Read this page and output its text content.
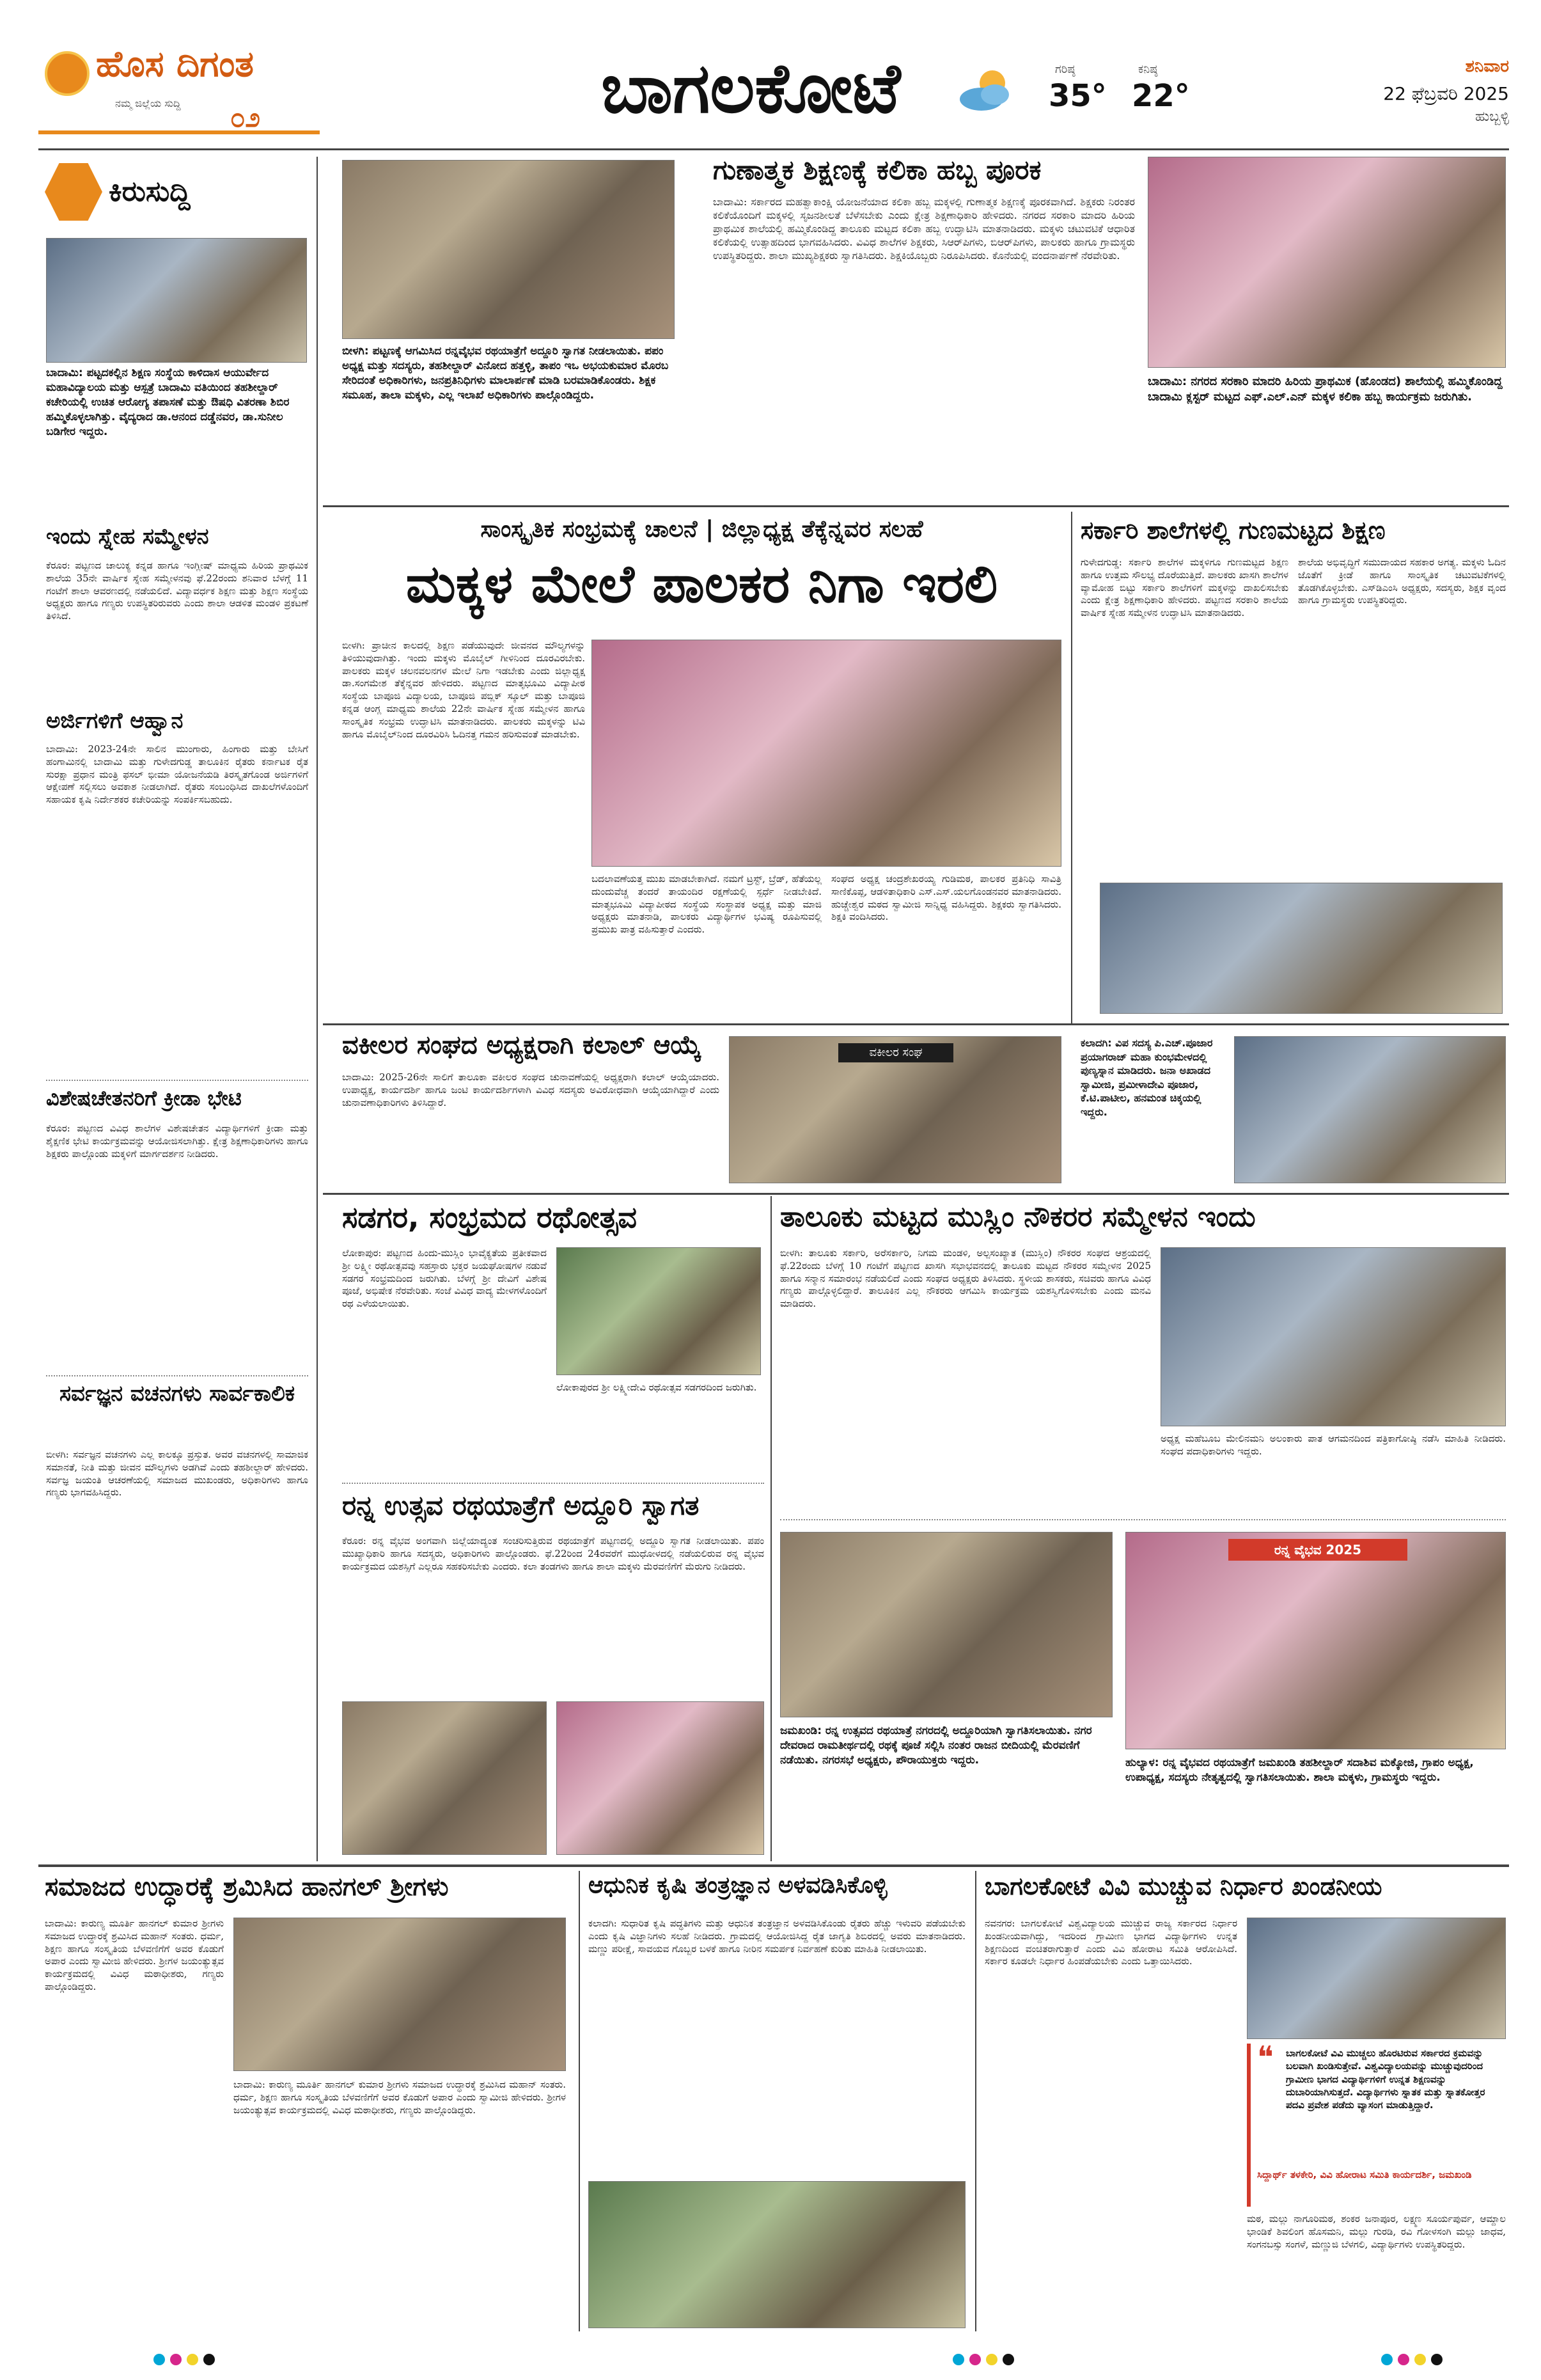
ಹೊಸ ದಿಗಂತ
ನಮ್ಮ ಜಿಲ್ಲೆಯ ಸುದ್ದಿ	೦೨	ಬಾಗಲಕೋಟೆ	ಗರಿಷ್ಠ
35°
ಕನಿಷ್ಠ
22°
ಶನಿವಾರ
22 ಫೆಬ್ರವರಿ 2025
ಹುಬ್ಬಳ್ಳಿ
ಕಿರುಸುದ್ದಿ
ಬಾದಾಮಿ: ಪಟ್ಟದಕಲ್ಲಿನ ಶಿಕ್ಷಣ ಸಂಸ್ಥೆಯ ಕಾಳಿದಾಸ ಆಯುರ್ವೇದ ಮಹಾವಿದ್ಯಾಲಯ ಮತ್ತು ಆಸ್ಪತ್ರೆ ಬಾದಾಮಿ ವತಿಯಿಂದ ತಹಶೀಲ್ದಾರ್ ಕಚೇರಿಯಲ್ಲಿ ಉಚಿತ ಆರೋಗ್ಯ ತಪಾಸಣೆ ಮತ್ತು ಔಷಧಿ ವಿತರಣಾ ಶಿಬಿರ ಹಮ್ಮಿಕೊಳ್ಳಲಾಗಿತ್ತು. ವೈದ್ಯರಾದ ಡಾ.ಆನಂದ ದಡ್ಡೆನವರ, ಡಾ.ಸುನೀಲ ಬಡಿಗೇರ ಇದ್ದರು.
ಇಂದು ಸ್ನೇಹ ಸಮ್ಮೇಳನ
ಕೆರೂರ: ಪಟ್ಟಣದ ಚಾಲುಕ್ಯ ಕನ್ನಡ ಹಾಗೂ ಇಂಗ್ಲೀಷ್ ಮಾಧ್ಯಮ ಹಿರಿಯ ಪ್ರಾಥಮಿಕ ಶಾಲೆಯ 35ನೇ ವಾರ್ಷಿಕ ಸ್ನೇಹ ಸಮ್ಮೇಳನವು ಫೆ.22ರಂದು ಶನಿವಾರ ಬೆಳಗ್ಗೆ 11 ಗಂಟೆಗೆ ಶಾಲಾ ಆವರಣದಲ್ಲಿ ನಡೆಯಲಿದೆ. ವಿದ್ಯಾವರ್ಧಕ ಶಿಕ್ಷಣ ಮತ್ತು ಶಿಕ್ಷಣ ಸಂಸ್ಥೆಯ ಅಧ್ಯಕ್ಷರು ಹಾಗೂ ಗಣ್ಯರು ಉಪಸ್ಥಿತರಿರುವರು ಎಂದು ಶಾಲಾ ಆಡಳಿತ ಮಂಡಳಿ ಪ್ರಕಟಣೆ ತಿಳಿಸಿದೆ.
ಅರ್ಜಿಗಳಿಗೆ ಆಹ್ವಾನ
ಬಾದಾಮಿ: 2023-24ನೇ ಸಾಲಿನ ಮುಂಗಾರು, ಹಿಂಗಾರು ಮತ್ತು ಬೇಸಿಗೆ ಹಂಗಾಮಿನಲ್ಲಿ ಬಾದಾಮಿ ಮತ್ತು ಗುಳೇದಗುಡ್ಡ ತಾಲೂಕಿನ ರೈತರು ಕರ್ನಾಟಕ ರೈತ ಸುರಕ್ಷಾ ಪ್ರಧಾನ ಮಂತ್ರಿ ಫಸಲ್ ಭೀಮಾ ಯೋಜನೆಯಡಿ ತಿರಸ್ಕೃತಗೊಂಡ ಅರ್ಜಿಗಳಿಗೆ ಆಕ್ಷೇಪಣೆ ಸಲ್ಲಿಸಲು ಅವಕಾಶ ನೀಡಲಾಗಿದೆ. ರೈತರು ಸಂಬಂಧಿಸಿದ ದಾಖಲೆಗಳೊಂದಿಗೆ ಸಹಾಯಕ ಕೃಷಿ ನಿರ್ದೇಶಕರ ಕಚೇರಿಯನ್ನು ಸಂಪರ್ಕಿಸಬಹುದು.
ವಿಶೇಷಚೇತನರಿಗೆ ಕ್ರೀಡಾ ಭೇಟಿ
ಕೆರೂರ: ಪಟ್ಟಣದ ವಿವಿಧ ಶಾಲೆಗಳ ವಿಶೇಷಚೇತನ ವಿದ್ಯಾರ್ಥಿಗಳಿಗೆ ಕ್ರೀಡಾ ಮತ್ತು ಶೈಕ್ಷಣಿಕ ಭೇಟಿ ಕಾರ್ಯಕ್ರಮವನ್ನು ಆಯೋಜಿಸಲಾಗಿತ್ತು. ಕ್ಷೇತ್ರ ಶಿಕ್ಷಣಾಧಿಕಾರಿಗಳು ಹಾಗೂ ಶಿಕ್ಷಕರು ಪಾಲ್ಗೊಂಡು ಮಕ್ಕಳಿಗೆ ಮಾರ್ಗದರ್ಶನ ನೀಡಿದರು.
ಸರ್ವಜ್ಞನ ವಚನಗಳು ಸಾರ್ವಕಾಲಿಕ
ಬೀಳಗಿ: ಸರ್ವಜ್ಞನ ವಚನಗಳು ಎಲ್ಲ ಕಾಲಕ್ಕೂ ಪ್ರಸ್ತುತ. ಅವರ ವಚನಗಳಲ್ಲಿ ಸಾಮಾಜಿಕ ಸಮಾನತೆ, ನೀತಿ ಮತ್ತು ಜೀವನ ಮೌಲ್ಯಗಳು ಅಡಗಿವೆ ಎಂದು ತಹಶೀಲ್ದಾರ್ ಹೇಳಿದರು. ಸರ್ವಜ್ಞ ಜಯಂತಿ ಆಚರಣೆಯಲ್ಲಿ ಸಮಾಜದ ಮುಖಂಡರು, ಅಧಿಕಾರಿಗಳು ಹಾಗೂ ಗಣ್ಯರು ಭಾಗವಹಿಸಿದ್ದರು.
ಬೀಳಗಿ: ಪಟ್ಟಣಕ್ಕೆ ಆಗಮಿಸಿದ ರನ್ನವೈಭವ ರಥಯಾತ್ರೆಗೆ ಅದ್ದೂರಿ ಸ್ವಾಗತ ನೀಡಲಾಯಿತು. ಪಪಂ ಅಧ್ಯಕ್ಷ ಮತ್ತು ಸದಸ್ಯರು, ತಹಶೀಲ್ದಾರ್ ವಿನೋದ ಹತ್ತಳ್ಳಿ, ತಾಪಂ ಇಒ ಅಭಯಕುಮಾರ ಮೊರಬ ಸೇರಿದಂತೆ ಅಧಿಕಾರಿಗಳು, ಜನಪ್ರತಿನಿಧಿಗಳು ಮಾಲಾರ್ಪಣೆ ಮಾಡಿ ಬರಮಾಡಿಕೊಂಡರು. ಶಿಕ್ಷಕ ಸಮೂಹ, ತಾಲಾ ಮಕ್ಕಳು, ಎಲ್ಲ ಇಲಾಖೆ ಅಧಿಕಾರಿಗಳು ಪಾಲ್ಗೊಂಡಿದ್ದರು.
ಗುಣಾತ್ಮಕ ಶಿಕ್ಷಣಕ್ಕೆ ಕಲಿಕಾ ಹಬ್ಬ ಪೂರಕ
ಬಾದಾಮಿ: ಸರ್ಕಾರದ ಮಹತ್ವಾಕಾಂಕ್ಷಿ ಯೋಜನೆಯಾದ ಕಲಿಕಾ ಹಬ್ಬ ಮಕ್ಕಳಲ್ಲಿ ಗುಣಾತ್ಮಕ ಶಿಕ್ಷಣಕ್ಕೆ ಪೂರಕವಾಗಿದೆ. ಶಿಕ್ಷಕರು ನಿರಂತರ ಕಲಿಕೆಯೊಂದಿಗೆ ಮಕ್ಕಳಲ್ಲಿ ಸೃಜನಶೀಲತೆ ಬೆಳೆಸಬೇಕು ಎಂದು ಕ್ಷೇತ್ರ ಶಿಕ್ಷಣಾಧಿಕಾರಿ ಹೇಳಿದರು. ನಗರದ ಸರಕಾರಿ ಮಾದರಿ ಹಿರಿಯ ಪ್ರಾಥಮಿಕ ಶಾಲೆಯಲ್ಲಿ ಹಮ್ಮಿಕೊಂಡಿದ್ದ ತಾಲೂಕು ಮಟ್ಟದ ಕಲಿಕಾ ಹಬ್ಬ ಉದ್ಘಾಟಿಸಿ ಮಾತನಾಡಿದರು. ಮಕ್ಕಳು ಚಟುವಟಿಕೆ ಆಧಾರಿತ ಕಲಿಕೆಯಲ್ಲಿ ಉತ್ಸಾಹದಿಂದ ಭಾಗವಹಿಸಿದರು. ವಿವಿಧ ಶಾಲೆಗಳ ಶಿಕ್ಷಕರು, ಸಿಆರ್‌ಪಿಗಳು, ಬಿಆರ್‌ಪಿಗಳು, ಪಾಲಕರು ಹಾಗೂ ಗ್ರಾಮಸ್ಥರು ಉಪಸ್ಥಿತರಿದ್ದರು. ಶಾಲಾ ಮುಖ್ಯಶಿಕ್ಷಕರು ಸ್ವಾಗತಿಸಿದರು. ಶಿಕ್ಷಕಿಯೊಬ್ಬರು ನಿರೂಪಿಸಿದರು. ಕೊನೆಯಲ್ಲಿ ವಂದನಾರ್ಪಣೆ ನೆರವೇರಿತು.
ಬಾದಾಮಿ: ನಗರದ ಸರಕಾರಿ ಮಾದರಿ ಹಿರಿಯ ಪ್ರಾಥಮಿಕ (ಹೊಂಡದ) ಶಾಲೆಯಲ್ಲಿ ಹಮ್ಮಿಕೊಂಡಿದ್ದ ಬಾದಾಮಿ ಕ್ಲಸ್ಟರ್ ಮಟ್ಟದ ಎಫ್.ಎಲ್.ಎನ್ ಮಕ್ಕಳ ಕಲಿಕಾ ಹಬ್ಬ ಕಾರ್ಯಕ್ರಮ ಜರುಗಿತು.
ಸಾಂಸ್ಕೃತಿಕ ಸಂಭ್ರಮಕ್ಕೆ ಚಾಲನೆ | ಜಿಲ್ಲಾಧ್ಯಕ್ಷ ತೆಕ್ಕೆನ್ನವರ ಸಲಹೆ
ಮಕ್ಕಳ ಮೇಲೆ ಪಾಲಕರ ನಿಗಾ ಇರಲಿ
ಬೀಳಗಿ: ಪ್ರಾಚೀನ ಕಾಲದಲ್ಲಿ ಶಿಕ್ಷಣ ಪಡೆಯುವುದೇ ಜೀವನದ ಮೌಲ್ಯಗಳನ್ನು ತಿಳಿಯುವುದಾಗಿತ್ತು. ಇಂದು ಮಕ್ಕಳು ಮೊಬೈಲ್ ಗೀಳಿನಿಂದ ದೂರವಿರಬೇಕು. ಪಾಲಕರು ಮಕ್ಕಳ ಚಲನವಲನಗಳ ಮೇಲೆ ನಿಗಾ ಇಡಬೇಕು ಎಂದು ಜಿಲ್ಲಾಧ್ಯಕ್ಷ ಡಾ.ಸಂಗಮೇಶ ತೆಕ್ಕೆನ್ನವರ ಹೇಳಿದರು. ಪಟ್ಟಣದ ಮಾತೃಭೂಮಿ ವಿದ್ಯಾಪೀಠ ಸಂಸ್ಥೆಯ ಬಾಪೂಜಿ ವಿದ್ಯಾಲಯ, ಬಾಪೂಜಿ ಪಬ್ಲಿಕ್ ಸ್ಕೂಲ್ ಮತ್ತು ಬಾಪೂಜಿ ಕನ್ನಡ ಆಂಗ್ಲ ಮಾಧ್ಯಮ ಶಾಲೆಯ 22ನೇ ವಾರ್ಷಿಕ ಸ್ನೇಹ ಸಮ್ಮೇಳನ ಹಾಗೂ ಸಾಂಸ್ಕೃತಿಕ ಸಂಭ್ರಮ ಉದ್ಘಾಟಿಸಿ ಮಾತನಾಡಿದರು. ಪಾಲಕರು ಮಕ್ಕಳನ್ನು ಟಿವಿ ಹಾಗೂ ಮೊಬೈಲ್‌ನಿಂದ ದೂರವಿರಿಸಿ ಓದಿನತ್ತ ಗಮನ ಹರಿಸುವಂತೆ ಮಾಡಬೇಕು.
ಬದಲಾವಣೆಯತ್ತ ಮುಖ ಮಾಡಬೇಕಾಗಿದೆ. ನಮಗೆ ಟ್ರಸ್ಟ್, ಬ್ರೆಡ್, ಹೆತೆಯಲ್ಲ ದುಂದುವೆಚ್ಚ ತಂದರೆ ತಾಯಂದಿರ ರಕ್ಷಣೆಯಲ್ಲಿ ಸ್ಪರ್ಧೆ ನೀಡಬೇಕಿದೆ. ಮಾತೃಭೂಮಿ ವಿದ್ಯಾಪೀಠದ ಸಂಸ್ಥೆಯ ಸಂಸ್ಥಾಪಕ ಅಧ್ಯಕ್ಷ ಮತ್ತು ಮಾಜಿ ಅಧ್ಯಕ್ಷರು ಮಾತನಾಡಿ, ಪಾಲಕರು ವಿದ್ಯಾರ್ಥಿಗಳ ಭವಿಷ್ಯ ರೂಪಿಸುವಲ್ಲಿ ಪ್ರಮುಖ ಪಾತ್ರ ವಹಿಸುತ್ತಾರೆ ಎಂದರು.
ಸಂಘದ ಅಧ್ಯಕ್ಷ ಚಂದ್ರಶೇಖರಯ್ಯ ಗುಡಿಮಠ, ಪಾಲಕರ ಪ್ರತಿನಿಧಿ ಸಾವಿತ್ರಿ ಸಾಣಿಕೊಪ್ಪ, ಆಡಳಿತಾಧಿಕಾರಿ ಎಸ್.ಎಸ್.ಯಲಗೊಂಡನವರ ಮಾತನಾಡಿದರು. ಹುಚ್ಚೇಶ್ವರ ಮಠದ ಸ್ವಾಮೀಜಿ ಸಾನ್ನಿಧ್ಯ ವಹಿಸಿದ್ದರು. ಶಿಕ್ಷಕರು ಸ್ವಾಗತಿಸಿದರು. ಶಿಕ್ಷಕಿ ವಂದಿಸಿದರು.
ಸರ್ಕಾರಿ ಶಾಲೆಗಳಲ್ಲಿ ಗುಣಮಟ್ಟದ ಶಿಕ್ಷಣ
ಗುಳೇದಗುಡ್ಡ: ಸರ್ಕಾರಿ ಶಾಲೆಗಳ ಮಕ್ಕಳಿಗೂ ಗುಣಮಟ್ಟದ ಶಿಕ್ಷಣ ಹಾಗೂ ಉತ್ತಮ ಸೌಲಭ್ಯ ದೊರೆಯುತ್ತಿದೆ. ಪಾಲಕರು ಖಾಸಗಿ ಶಾಲೆಗಳ ವ್ಯಾಮೋಹ ಬಿಟ್ಟು ಸರ್ಕಾರಿ ಶಾಲೆಗಳಿಗೆ ಮಕ್ಕಳನ್ನು ದಾಖಲಿಸಬೇಕು ಎಂದು ಕ್ಷೇತ್ರ ಶಿಕ್ಷಣಾಧಿಕಾರಿ ಹೇಳಿದರು. ಪಟ್ಟಣದ ಸರಕಾರಿ ಶಾಲೆಯ ವಾರ್ಷಿಕ ಸ್ನೇಹ ಸಮ್ಮೇಳನ ಉದ್ಘಾಟಿಸಿ ಮಾತನಾಡಿದರು.
ಶಾಲೆಯ ಅಭಿವೃದ್ಧಿಗೆ ಸಮುದಾಯದ ಸಹಕಾರ ಅಗತ್ಯ. ಮಕ್ಕಳು ಓದಿನ ಜೊತೆಗೆ ಕ್ರೀಡೆ ಹಾಗೂ ಸಾಂಸ್ಕೃತಿಕ ಚಟುವಟಿಕೆಗಳಲ್ಲಿ ತೊಡಗಿಕೊಳ್ಳಬೇಕು. ಎಸ್‌ಡಿಎಂಸಿ ಅಧ್ಯಕ್ಷರು, ಸದಸ್ಯರು, ಶಿಕ್ಷಕ ವೃಂದ ಹಾಗೂ ಗ್ರಾಮಸ್ಥರು ಉಪಸ್ಥಿತರಿದ್ದರು.
ವಕೀಲರ ಸಂಘದ ಅಧ್ಯಕ್ಷರಾಗಿ ಕಲಾಲ್ ಆಯ್ಕೆ
ಬಾದಾಮಿ: 2025-26ನೇ ಸಾಲಿಗೆ ತಾಲೂಕಾ ವಕೀಲರ ಸಂಘದ ಚುನಾವಣೆಯಲ್ಲಿ ಅಧ್ಯಕ್ಷರಾಗಿ ಕಲಾಲ್ ಆಯ್ಕೆಯಾದರು. ಉಪಾಧ್ಯಕ್ಷ, ಕಾರ್ಯದರ್ಶಿ ಹಾಗೂ ಜಂಟಿ ಕಾರ್ಯದರ್ಶಿಗಳಾಗಿ ವಿವಿಧ ಸದಸ್ಯರು ಅವಿರೋಧವಾಗಿ ಆಯ್ಕೆಯಾಗಿದ್ದಾರೆ ಎಂದು ಚುನಾವಣಾಧಿಕಾರಿಗಳು ತಿಳಿಸಿದ್ದಾರೆ.
ವಕೀಲರ ಸಂಘ
ಕಲಾದಗಿ: ವಿಪ ಸದಸ್ಯ ಪಿ.ಎಚ್.ಪೂಜಾರ ಪ್ರಯಾಗರಾಜ್ ಮಹಾ ಕುಂಭಮೇಳದಲ್ಲಿ ಪುಣ್ಯಸ್ನಾನ ಮಾಡಿದರು. ಜನಾ ಅಖಾಡದ ಸ್ವಾಮೀಜಿ, ಪ್ರಮೀಳಾದೇವಿ ಪೂಜಾರ, ಕೆ.ಟಿ.ಪಾಟೀಲ, ಹನಮಂತ ಚಿಕ್ಕಯಲ್ಲಿ ಇದ್ದರು.
ಸಡಗರ, ಸಂಭ್ರಮದ ರಥೋತ್ಸವ
ಲೋಕಾಪುರ: ಪಟ್ಟಣದ ಹಿಂದು-ಮುಸ್ಲಿಂ ಭಾವೈಕ್ಯತೆಯ ಪ್ರತೀಕವಾದ ಶ್ರೀ ಲಕ್ಷ್ಮೀ ರಥೋತ್ಸವವು ಸಹಸ್ರಾರು ಭಕ್ತರ ಜಯಘೋಷಗಳ ನಡುವೆ ಸಡಗರ ಸಂಭ್ರಮದಿಂದ ಜರುಗಿತು. ಬೆಳಗ್ಗೆ ಶ್ರೀ ದೇವಿಗೆ ವಿಶೇಷ ಪೂಜೆ, ಅಭಿಷೇಕ ನೆರವೇರಿತು. ಸಂಜೆ ವಿವಿಧ ವಾದ್ಯ ಮೇಳಗಳೊಂದಿಗೆ ರಥ ಎಳೆಯಲಾಯಿತು.
ಲೋಕಾಪುರದ ಶ್ರೀ ಲಕ್ಷ್ಮೀದೇವಿ ರಥೋತ್ಸವ ಸಡಗರದಿಂದ ಜರುಗಿತು.
ರನ್ನ ಉತ್ಸವ ರಥಯಾತ್ರೆಗೆ ಅದ್ದೂರಿ ಸ್ವಾಗತ
ಕೆರೂರ: ರನ್ನ ವೈಭವ ಅಂಗವಾಗಿ ಜಿಲ್ಲೆಯಾದ್ಯಂತ ಸಂಚರಿಸುತ್ತಿರುವ ರಥಯಾತ್ರೆಗೆ ಪಟ್ಟಣದಲ್ಲಿ ಅದ್ದೂರಿ ಸ್ವಾಗತ ನೀಡಲಾಯಿತು. ಪಪಂ ಮುಖ್ಯಾಧಿಕಾರಿ ಹಾಗೂ ಸದಸ್ಯರು, ಅಧಿಕಾರಿಗಳು ಪಾಲ್ಗೊಂಡರು. ಫೆ.22ರಿಂದ 24ರವರೆಗೆ ಮುಧೋಳದಲ್ಲಿ ನಡೆಯಲಿರುವ ರನ್ನ ವೈಭವ ಕಾರ್ಯಕ್ರಮದ ಯಶಸ್ಸಿಗೆ ಎಲ್ಲರೂ ಸಹಕರಿಸಬೇಕು ಎಂದರು. ಕಲಾ ತಂಡಗಳು ಹಾಗೂ ಶಾಲಾ ಮಕ್ಕಳು ಮೆರವಣಿಗೆಗೆ ಮೆರುಗು ನೀಡಿದರು.
ತಾಲೂಕು ಮಟ್ಟದ ಮುಸ್ಲಿಂ ನೌಕರರ ಸಮ್ಮೇಳನ ಇಂದು
ಬೀಳಗಿ: ತಾಲೂಕು ಸರ್ಕಾರಿ, ಅರೆಸರ್ಕಾರಿ, ನಿಗಮ ಮಂಡಳಿ, ಅಲ್ಪಸಂಖ್ಯಾತ (ಮುಸ್ಲಿಂ) ನೌಕರರ ಸಂಘದ ಆಶ್ರಯದಲ್ಲಿ ಫೆ.22ರಂದು ಬೆಳಗ್ಗೆ 10 ಗಂಟೆಗೆ ಪಟ್ಟಣದ ಖಾಸಗಿ ಸಭಾಭವನದಲ್ಲಿ ತಾಲೂಕು ಮಟ್ಟದ ನೌಕರರ ಸಮ್ಮೇಳನ 2025 ಹಾಗೂ ಸನ್ಮಾನ ಸಮಾರಂಭ ನಡೆಯಲಿದೆ ಎಂದು ಸಂಘದ ಅಧ್ಯಕ್ಷರು ತಿಳಿಸಿದರು. ಸ್ಥಳೀಯ ಶಾಸಕರು, ಸಚಿವರು ಹಾಗೂ ವಿವಿಧ ಗಣ್ಯರು ಪಾಲ್ಗೊಳ್ಳಲಿದ್ದಾರೆ. ತಾಲೂಕಿನ ಎಲ್ಲ ನೌಕರರು ಆಗಮಿಸಿ ಕಾರ್ಯಕ್ರಮ ಯಶಸ್ವಿಗೊಳಿಸಬೇಕು ಎಂದು ಮನವಿ ಮಾಡಿದರು.
ಅಧ್ಯಕ್ಷ ಮಹೆಬೂಬ ಮೇಲಿನಮನಿ ಅಲಂಕಾರು ಪಾತ ಆಗಮನದಿಂದ ಪತ್ರಿಕಾಗೋಷ್ಠಿ ನಡೆಸಿ ಮಾಹಿತಿ ನೀಡಿದರು. ಸಂಘದ ಪದಾಧಿಕಾರಿಗಳು ಇದ್ದರು.
ಜಮಖಂಡಿ: ರನ್ನ ಉತ್ಸವದ ರಥಯಾತ್ರೆ ನಗರದಲ್ಲಿ ಅದ್ದೂರಿಯಾಗಿ ಸ್ವಾಗತಿಸಲಾಯಿತು. ನಗರ ದೇವರಾದ ರಾಮತೀರ್ಥದಲ್ಲಿ ರಥಕ್ಕೆ ಪೂಜೆ ಸಲ್ಲಿಸಿ ನಂತರ ರಾಜನ ಬೀದಿಯಲ್ಲಿ ಮೆರವಣಿಗೆ ನಡೆಯಿತು. ನಗರಸಭೆ ಅಧ್ಯಕ್ಷರು, ಪೌರಾಯುಕ್ತರು ಇದ್ದರು.
ರನ್ನ ವೈಭವ 2025
ಹುಲ್ಯಾಳ: ರನ್ನ ವೈಭವದ ರಥಯಾತ್ರೆಗೆ ಜಮಖಂಡಿ ತಹಶೀಲ್ದಾರ್ ಸದಾಶಿವ ಮಕ್ಕೋಜಿ, ಗ್ರಾಪಂ ಅಧ್ಯಕ್ಷ, ಉಪಾಧ್ಯಕ್ಷ, ಸದಸ್ಯರು ನೇತೃತ್ವದಲ್ಲಿ ಸ್ವಾಗತಿಸಲಾಯಿತು. ಶಾಲಾ ಮಕ್ಕಳು, ಗ್ರಾಮಸ್ಥರು ಇದ್ದರು.
ಸಮಾಜದ ಉದ್ಧಾರಕ್ಕೆ ಶ್ರಮಿಸಿದ ಹಾನಗಲ್ ಶ್ರೀಗಳು
ಬಾದಾಮಿ: ಕಾರುಣ್ಯ ಮೂರ್ತಿ ಹಾನಗಲ್ ಕುಮಾರ ಶ್ರೀಗಳು ಸಮಾಜದ ಉದ್ಧಾರಕ್ಕೆ ಶ್ರಮಿಸಿದ ಮಹಾನ್ ಸಂತರು. ಧರ್ಮ, ಶಿಕ್ಷಣ ಹಾಗೂ ಸಂಸ್ಕೃತಿಯ ಬೆಳವಣಿಗೆಗೆ ಅವರ ಕೊಡುಗೆ ಅಪಾರ ಎಂದು ಸ್ವಾಮೀಜಿ ಹೇಳಿದರು. ಶ್ರೀಗಳ ಜಯಂತ್ಯುತ್ಸವ ಕಾರ್ಯಕ್ರಮದಲ್ಲಿ ವಿವಿಧ ಮಠಾಧೀಶರು, ಗಣ್ಯರು ಪಾಲ್ಗೊಂಡಿದ್ದರು.
ಬಾದಾಮಿ: ಕಾರುಣ್ಯ ಮೂರ್ತಿ ಹಾನಗಲ್ ಕುಮಾರ ಶ್ರೀಗಳು ಸಮಾಜದ ಉದ್ಧಾರಕ್ಕೆ ಶ್ರಮಿಸಿದ ಮಹಾನ್ ಸಂತರು. ಧರ್ಮ, ಶಿಕ್ಷಣ ಹಾಗೂ ಸಂಸ್ಕೃತಿಯ ಬೆಳವಣಿಗೆಗೆ ಅವರ ಕೊಡುಗೆ ಅಪಾರ ಎಂದು ಸ್ವಾಮೀಜಿ ಹೇಳಿದರು. ಶ್ರೀಗಳ ಜಯಂತ್ಯುತ್ಸವ ಕಾರ್ಯಕ್ರಮದಲ್ಲಿ ವಿವಿಧ ಮಠಾಧೀಶರು, ಗಣ್ಯರು ಪಾಲ್ಗೊಂಡಿದ್ದರು.
ಆಧುನಿಕ ಕೃಷಿ ತಂತ್ರಜ್ಞಾನ ಅಳವಡಿಸಿಕೊಳ್ಳಿ
ಕಲಾದಗಿ: ಸುಧಾರಿತ ಕೃಷಿ ಪದ್ಧತಿಗಳು ಮತ್ತು ಆಧುನಿಕ ತಂತ್ರಜ್ಞಾನ ಅಳವಡಿಸಿಕೊಂಡು ರೈತರು ಹೆಚ್ಚು ಇಳುವರಿ ಪಡೆಯಬೇಕು ಎಂದು ಕೃಷಿ ವಿಜ್ಞಾನಿಗಳು ಸಲಹೆ ನೀಡಿದರು. ಗ್ರಾಮದಲ್ಲಿ ಆಯೋಜಿಸಿದ್ದ ರೈತ ಜಾಗೃತಿ ಶಿಬಿರದಲ್ಲಿ ಅವರು ಮಾತನಾಡಿದರು. ಮಣ್ಣು ಪರೀಕ್ಷೆ, ಸಾವಯವ ಗೊಬ್ಬರ ಬಳಕೆ ಹಾಗೂ ನೀರಿನ ಸಮರ್ಪಕ ನಿರ್ವಹಣೆ ಕುರಿತು ಮಾಹಿತಿ ನೀಡಲಾಯಿತು.
ಬಾಗಲಕೋಟೆ ವಿವಿ ಮುಚ್ಚುವ ನಿರ್ಧಾರ ಖಂಡನೀಯ
ನವನಗರ: ಬಾಗಲಕೋಟೆ ವಿಶ್ವವಿದ್ಯಾಲಯ ಮುಚ್ಚುವ ರಾಜ್ಯ ಸರ್ಕಾರದ ನಿರ್ಧಾರ ಖಂಡನೀಯವಾಗಿದ್ದು, ಇದರಿಂದ ಗ್ರಾಮೀಣ ಭಾಗದ ವಿದ್ಯಾರ್ಥಿಗಳು ಉನ್ನತ ಶಿಕ್ಷಣದಿಂದ ವಂಚಿತರಾಗುತ್ತಾರೆ ಎಂದು ವಿವಿ ಹೋರಾಟ ಸಮಿತಿ ಆರೋಪಿಸಿದೆ. ಸರ್ಕಾರ ಕೂಡಲೇ ನಿರ್ಧಾರ ಹಿಂಪಡೆಯಬೇಕು ಎಂದು ಒತ್ತಾಯಿಸಿದರು.
❝	ಬಾಗಲಕೋಟೆ ವಿವಿ ಮುಚ್ಚಲು ಹೊರಟಿರುವ ಸರ್ಕಾರದ ಕ್ರಮವನ್ನು ಬಲವಾಗಿ ಖಂಡಿಸುತ್ತೇವೆ. ವಿಶ್ವವಿದ್ಯಾಲಯವನ್ನು ಮುಚ್ಚುವುದರಿಂದ ಗ್ರಾಮೀಣ ಭಾಗದ ವಿದ್ಯಾರ್ಥಿಗಳಿಗೆ ಉನ್ನತ ಶಿಕ್ಷಣವನ್ನು ದುಬಾರಿಯಾಗಿಸುತ್ತದೆ. ವಿದ್ಯಾರ್ಥಿಗಳು ಸ್ನಾತಕ ಮತ್ತು ಸ್ನಾತಕೋತ್ತರ ಪದವಿ ಪ್ರವೇಶ ಪಡೆದು ವ್ಯಾಸಂಗ ಮಾಡುತ್ತಿದ್ದಾರೆ.
ಸಿದ್ದಾರ್ಥ್ ತಳಕೇರಿ, ವಿವಿ ಹೋರಾಟ ಸಮಿತಿ ಕಾರ್ಯದರ್ಶಿ, ಜಮಖಂಡಿ
ಮಠ, ಮಲ್ಲು ನಾಗೂರಿಮಠ, ಶಂಕರ ಜನಾಪೂರ, ಲಕ್ಷ್ಮಣ ಸೂರ್ಯಪುರ್ವ, ಆಮ್ದಾಲ ಭಾಂಡಿಕೆ ಶಿವಲಿಂಗ ಹೊಸಮನಿ, ಮಲ್ಲು ಗುರಡಿ, ರವಿ ಗೋಳಸಂಗಿ ಮಲ್ಲು ಜಾಧವ, ಸಂಗನಬಸ್ಸು ಸಂಗಳೆ, ಮಣ್ಣುಜಿ ಬೆಳಗಲಿ, ವಿದ್ಯಾರ್ಥಿಗಳು ಉಪಸ್ಥಿತರಿದ್ದರು.
